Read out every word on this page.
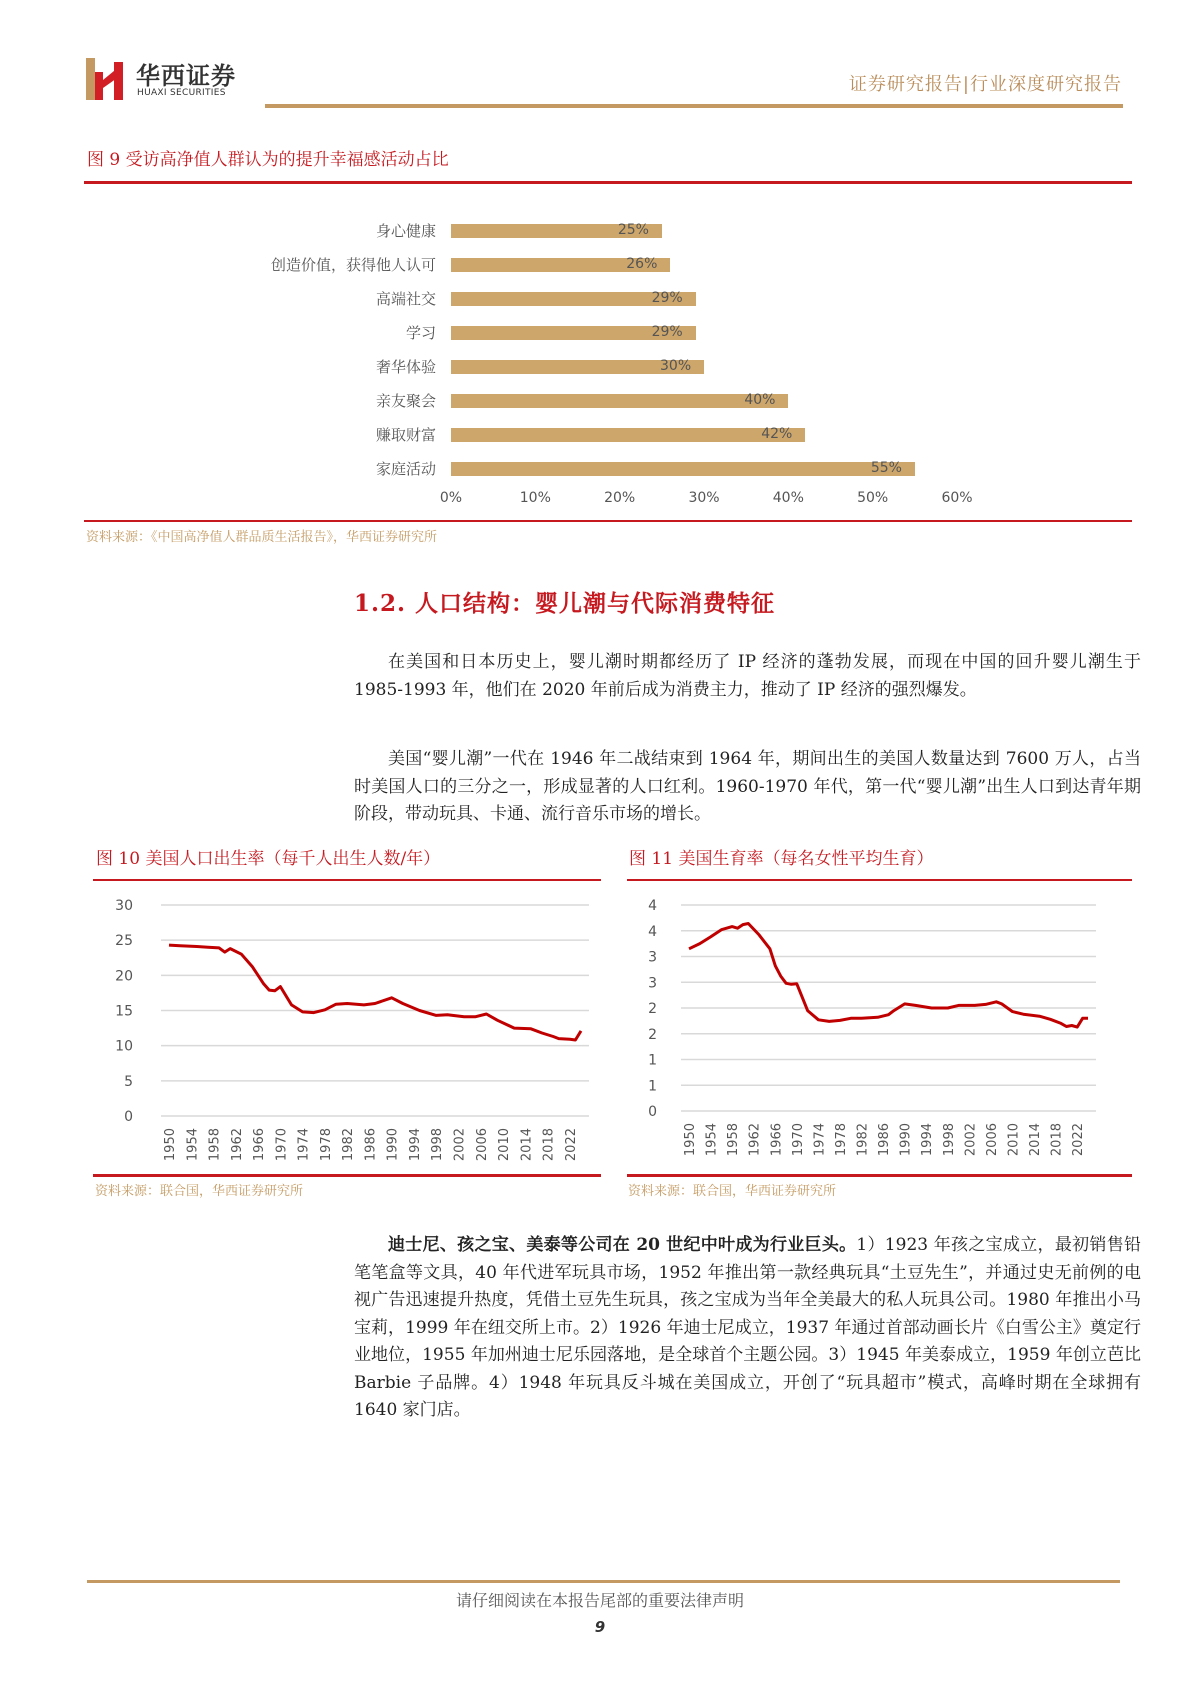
华西证券
HUAXI SECURITIES	证券研究报告|行业深度研究报告
图 9 受访高净值人群认为的提升幸福感活动占比
身心健康	25%
创造价值，获得他人认可	26%
高端社交	29%
学习	29%
奢华体验	30%
亲友聚会	40%
赚取财富	42%
家庭活动	55%
0%	10%	20%	30%	40%	50%	60%
资料来源：《中国高净值人群品质生活报告》，华西证券研究所
1.2. 人口结构：婴儿潮与代际消费特征
在美国和日本历史上，婴儿潮时期都经历了 IP 经济的蓬勃发展，而现在中国的回升婴儿潮生于 1985-1993 年，他们在 2020 年前后成为消费主力，推动了 IP 经济的强烈爆发。
美国“婴儿潮”一代在 1946 年二战结束到 1964 年，期间出生的美国人数量达到 7600 万人，占当时美国人口的三分之一，形成显著的人口红利。1960-1970 年代，第一代“婴儿潮”出生人口到达青年期阶段，带动玩具、卡通、流行音乐市场的增长。
图 10 美国人口出生率（每千人出生人数/年）	图 11 美国生育率（每名女性平均生育）
0
5
10
15
20
25
30
1950 1954 1958 1962 1966 1970 1974 1978 1982 1986 1990 1994 1998 2002 2006 2010 2014 2018 2022
0
1
1
2
2
3
3
4
4
1950 1954 1958 1962 1966 1970 1974 1978 1982 1986 1990 1994 1998 2002 2006 2010 2014 2018 2022
资料来源：联合国，华西证券研究所	资料来源：联合国，华西证券研究所
迪士尼、孩之宝、美泰等公司在 20 世纪中叶成为行业巨头。1）1923 年孩之宝成立，最初销售铅笔笔盒等文具，40 年代进军玩具市场，1952 年推出第一款经典玩具“土豆先生”，并通过史无前例的电视广告迅速提升热度，凭借土豆先生玩具，孩之宝成为当年全美最大的私人玩具公司。1980 年推出小马宝莉，1999 年在纽交所上市。2）1926 年迪士尼成立，1937 年通过首部动画长片《白雪公主》奠定行业地位，1955 年加州迪士尼乐园落地，是全球首个主题公园。3）1945 年美泰成立，1959 年创立芭比 Barbie 子品牌。4）1948 年玩具反斗城在美国成立，开创了“玩具超市”模式，高峰时期在全球拥有 1640 家门店。
请仔细阅读在本报告尾部的重要法律声明
9
